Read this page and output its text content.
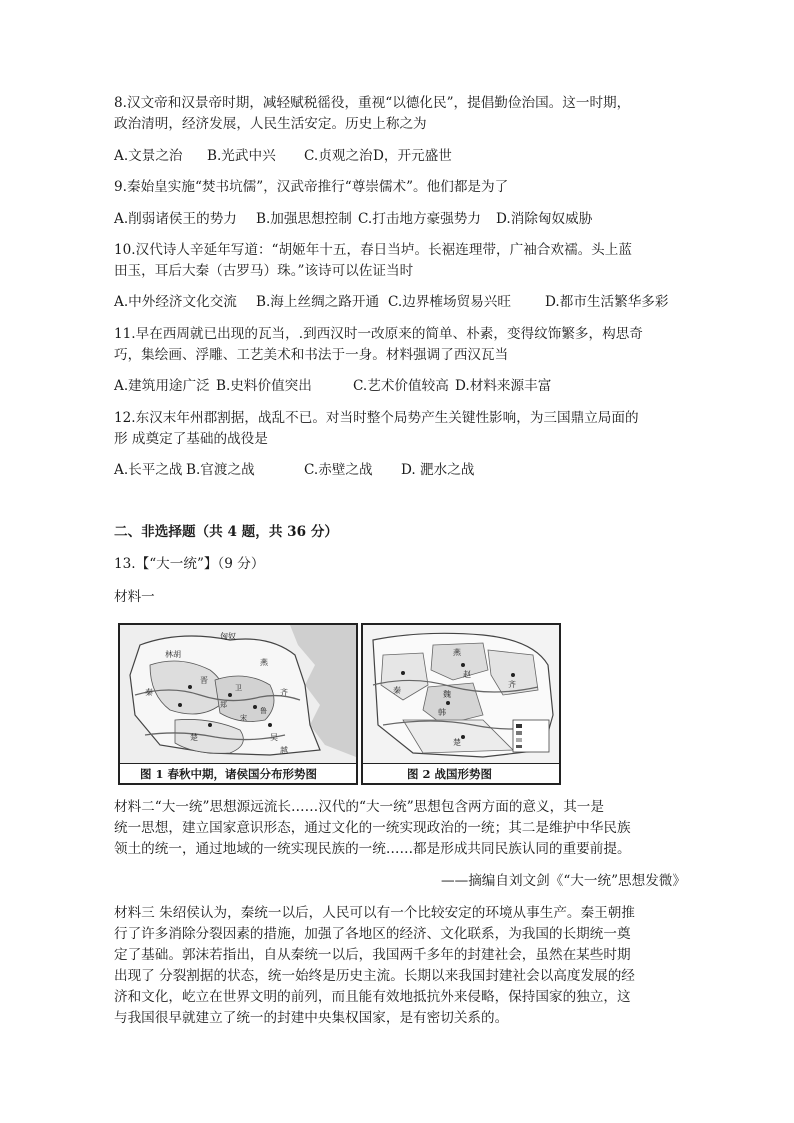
8.汉文帝和汉景帝时期，减轻赋税徭役，重视“以德化民”，提倡勤俭治国。这一时期，
政治清明，经济发展，人民生活安定。历史上称之为
A.文景之治 B.光武中兴 C.贞观之治 D，开元盛世
9.秦始皇实施“焚书坑儒”，汉武帝推行“尊崇儒术”。他们都是为了
A.削弱诸侯王的势力 B.加强思想控制 C.打击地方豪强势力 D.消除匈奴威胁
10.汉代诗人辛延年写道：“胡姬年十五，春日当垆。长裾连理带，广袖合欢襦。头上蓝
田玉，耳后大秦（古罗马）珠。”该诗可以佐证当时
A.中外经济文化交流 B.海上丝绸之路开通 C.边界榷场贸易兴旺	D.都市生活繁华多彩
11.早在西周就已出现的瓦当，.到西汉时一改原来的简单、朴素，变得纹饰繁多，构思奇
巧，集绘画、浮雕、工艺美术和书法于一身。材料强调了西汉瓦当
A.建筑用途广泛 B.史料价值突出	C.艺术价值较高 D.材料来源丰富
12.东汉末年州郡割据，战乱不已。对当时整个局势产生关键性影响，为三国鼎立局面的
形 成奠定了基础的战役是
A.长平之战 B.官渡之战	C.赤壁之战 D. 淝水之战
二、非选择题（共 4 题，共 36 分）
13.【“大一统”】（9 分）
材料一
匈奴
林胡
燕
晋
齐
秦
楚	吴
越
鲁
宋
郑
卫
图 1 春秋中期，诸侯国分布形势图
燕
赵
魏
韩
齐
秦
楚
图 2 战国形势图
材料二“大一统”思想源远流长……汉代的“大一统”思想包含两方面的意义，其一是
统一思想，建立国家意识形态，通过文化的一统实现政治的一统；其二是维护中华民族
领土的统一，通过地域的一统实现民族的一统……都是形成共同民族认同的重要前提。
——摘编自刘文剑《“大一统”思想发微》
材料三 朱绍侯认为，秦统一以后，人民可以有一个比较安定的环境从事生产。秦王朝推
行了许多消除分裂因素的措施，加强了各地区的经济、文化联系，为我国的长期统一奠
定了基础。郭沫若指出，自从秦统一以后，我国两千多年的封建社会，虽然在某些时期
出现了 分裂割据的状态，统一始终是历史主流。长期以来我国封建社会以高度发展的经
济和文化，屹立在世界文明的前列，而且能有效地抵抗外来侵略，保持国家的独立，这
与我国很早就建立了统一的封建中央集权国家，是有密切关系的。
